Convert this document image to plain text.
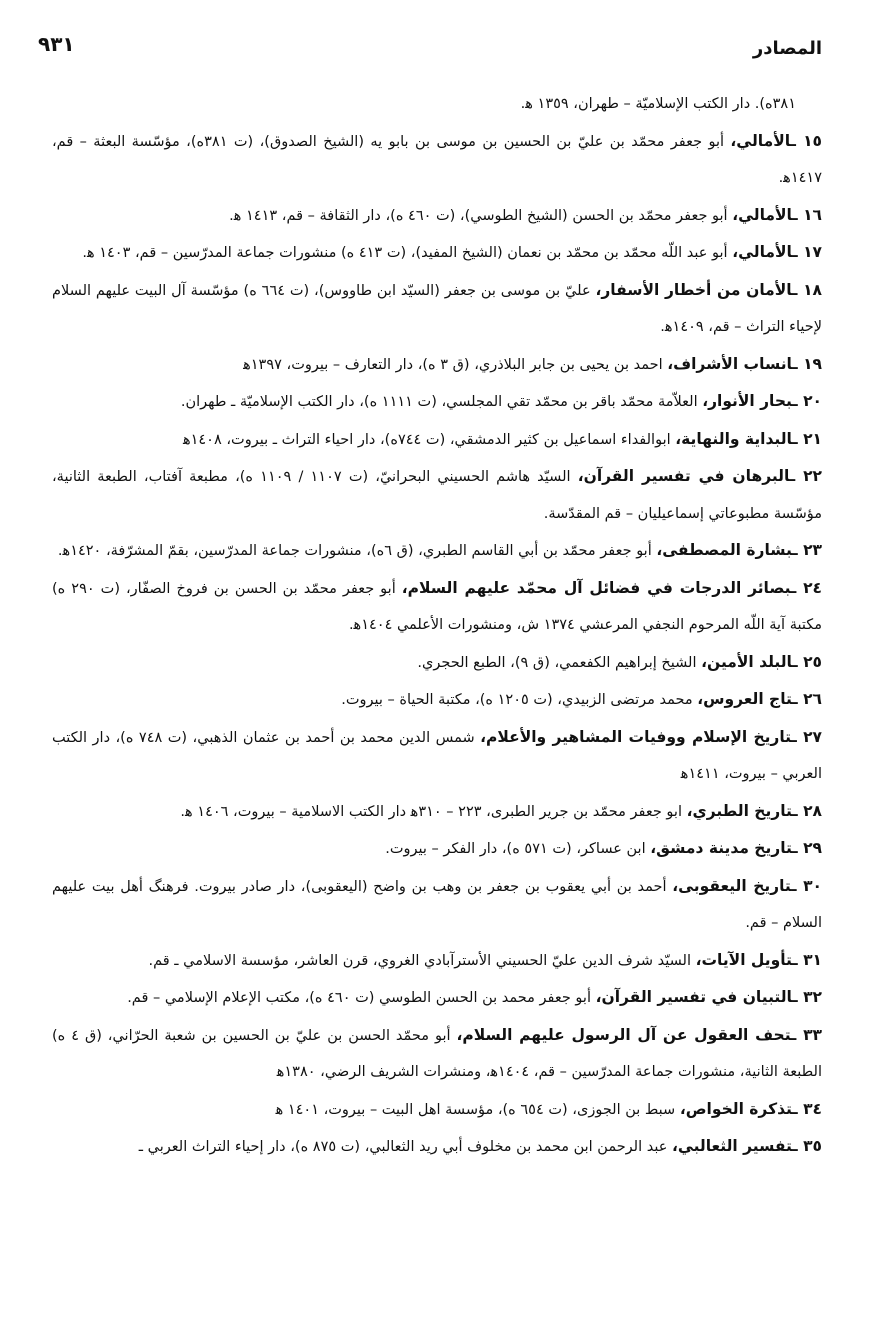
٩٣١	المصادر
٣٨١ه). دار الكتب الإسلاميّة – طهران، ١٣٥٩ ه‍.
١٥ ـالأمالي، أبو جعفر محمّد بن عليّ بن الحسين بن موسى بن بابو يه (الشيخ الصدوق)، (ت ٣٨١ه)، مؤسّسة البعثة – قم، ١٤١٧ه‍.
١٦ ـالأمالي، أبو جعفر محمّد بن الحسن (الشيخ الطوسي)، (ت ٤٦٠ ه)، دار الثقافة – قم، ١٤١٣ ه‍.
١٧ ـالأمالي، أبو عبد اللّه محمّد بن محمّد بن نعمان (الشيخ المفيد)، (ت ٤١٣ ه) منشورات جماعة المدرّسين – قم، ١٤٠٣ ه‍.
١٨ ـالأمان من أخطار الأسفار، عليّ بن موسى بن جعفر (السيّد ابن طاووس)، (ت ٦٦٤ ه) مؤسّسة آل البيت عليهم السلام لإحياء التراث – قم، ١٤٠٩ه‍.
١٩ ـانساب الأشراف، احمد بن يحيى بن جابر البلاذري، (ق ٣ ه)، دار التعارف – بيروت، ١٣٩٧ه‍
٢٠ ـبحار الأنوار، العلاّمة محمّد باقر بن محمّد تقي المجلسي، (ت ١١١١ ه)، دار الكتب الإسلاميّة ـ طهران.
٢١ ـالبداية والنهاية، ابوالفداء اسماعيل بن كثير الدمشقي، (ت ٧٤٤ه)، دار احياء التراث ـ بيروت، ١٤٠٨ه‍
٢٢ ـالبرهان في تفسير القرآن، السيّد هاشم الحسيني البحرانيّ، (ت ١١٠٧ / ١١٠٩ ه)، مطبعة آفتاب، الطبعة الثانية، مؤسّسة مطبوعاتي إسماعيليان – قم المقدّسة.
٢٣ ـبشارة المصطفى، أبو جعفر محمّد بن أبي القاسم الطبري، (ق ٦ه)، منشورات جماعة المدرّسين، بقمّ المشرّفة، ١٤٢٠ه‍.
٢٤ ـبصائر الدرجات في فضائل آل محمّد عليهم السلام، أبو جعفر محمّد بن الحسن بن فروخ الصفّار، (ت ٢٩٠ ه) مكتبة آية اللّه المرحوم النجفي المرعشي ١٣٧٤ ش، ومنشورات الأعلمي ١٤٠٤ه‍.
٢٥ ـالبلد الأمين، الشيخ إبراهيم الكفعمي، (ق ٩)، الطبع الحجري.
٢٦ ـتاج العروس، محمد مرتضى الزبيدي، (ت ١٢٠٥ ه)، مكتبة الحياة – بيروت.
٢٧ ـتاريخ الإسلام ووفيات المشاهير والأعلام، شمس الدين محمد بن أحمد بن عثمان الذهبي، (ت ٧٤٨ ه)، دار الكتب العربي – بيروت، ١٤١١ه‍
٢٨ ـتاريخ الطبري، ابو جعفر محمّد بن جرير الطبرى، ٢٢٣ – ٣١٠ه‍ دار الكتب الاسلامية – بيروت، ١٤٠٦ ه‍.
٢٩ ـتاريخ مدينة دمشق، ابن عساكر، (ت ٥٧١ ه)، دار الفكر – بيروت.
٣٠ ـتاريخ اليعقوبى، أحمد بن أبي يعقوب بن جعفر بن وهب بن واضح (اليعقوبى)، دار صادر بيروت. فرهنگ أهل بيت عليهم السلام – قم.
٣١ ـتأويل الآيات، السيّد شرف الدين عليّ الحسيني الأسترآبادي الغروي، قرن العاشر، مؤسسة الاسلامي ـ قم.
٣٢ ـالتبيان في تفسير القرآن، أبو جعفر محمد بن الحسن الطوسي (ت ٤٦٠ ه)، مكتب الإعلام الإسلامي – قم.
٣٣ ـتحف العقول عن آل الرسول عليهم السلام، أبو محمّد الحسن بن عليّ بن الحسين بن شعبة الحرّاني، (ق ٤ ه) الطبعة الثانية، منشورات جماعة المدرّسين – قم، ١٤٠٤ه‍، ومنشرات الشريف الرضي، ١٣٨٠ه‍
٣٤ ـتذكرة الخواص، سبط بن الجوزى، (ت ٦٥٤ ه)، مؤسسة اهل البيت – بيروت، ١٤٠١ ه‍
٣٥ ـتفسير الثعالبي، عبد الرحمن ابن محمد بن مخلوف أبي ريد الثعالبي، (ت ٨٧٥ ه)، دار إحياء التراث العربي ـ
